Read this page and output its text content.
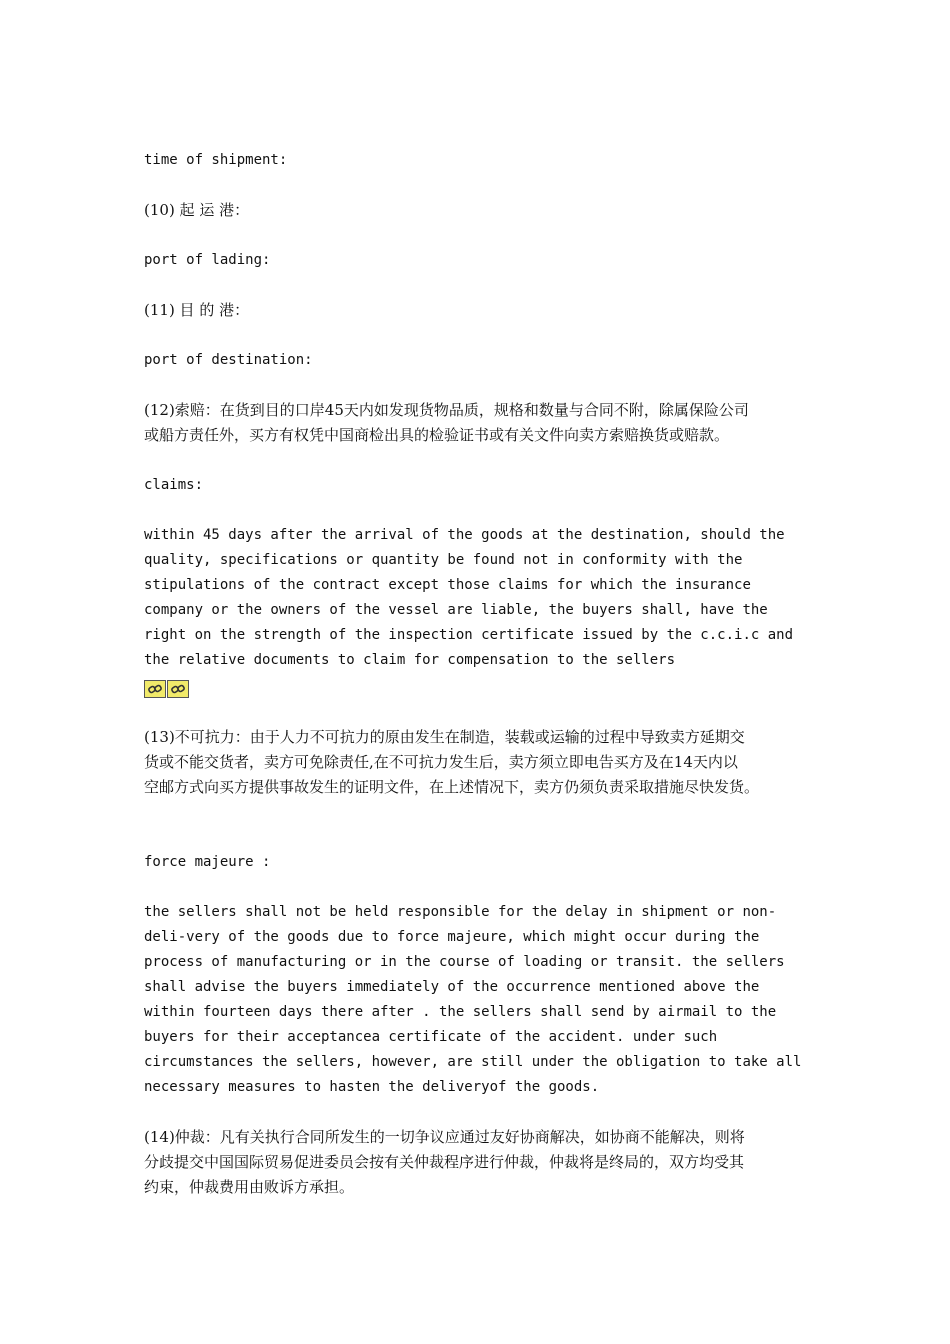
time of shipment:

(10) 起 运 港：

port of lading:

(11) 目 的 港：

port of destination:

(12)索赔：在货到目的口岸45天内如发现货物品质，规格和数量与合同不附，除属保险公司

或船方责任外，买方有权凭中国商检出具的检验证书或有关文件向卖方索赔换货或赔款。

claims:

within 45 days after the arrival of the goods at the destination, should the

quality, specifications or quantity be found not in conformity with the

stipulations of the contract except those claims for which the insurance

company or the owners of the vessel are liable, the buyers shall, have the

right on the strength of the inspection certificate issued by the c.c.i.c and

the relative documents to claim for compensation to the sellers

(13)不可抗力：由于人力不可抗力的原由发生在制造，装载或运输的过程中导致卖方延期交

货或不能交货者，卖方可免除责任,在不可抗力发生后，卖方须立即电告买方及在14天内以

空邮方式向买方提供事故发生的证明文件，在上述情况下，卖方仍须负责采取措施尽快发货。

force majeure :

the sellers shall not be held responsible for the delay in shipment or non-

deli-very of the goods due to force majeure, which might occur during the

process of manufacturing or in the course of loading or transit. the sellers

shall advise the buyers immediately of the occurrence mentioned above the

within fourteen days there after . the sellers shall send by airmail to the

buyers for their acceptancea certificate of the accident. under such

circumstances the sellers, however, are still under the obligation to take all

necessary measures to hasten the deliveryof the goods.

(14)仲裁：凡有关执行合同所发生的一切争议应通过友好协商解决，如协商不能解决，则将

分歧提交中国国际贸易促进委员会按有关仲裁程序进行仲裁，仲裁将是终局的，双方均受其

约束，仲裁费用由败诉方承担。
